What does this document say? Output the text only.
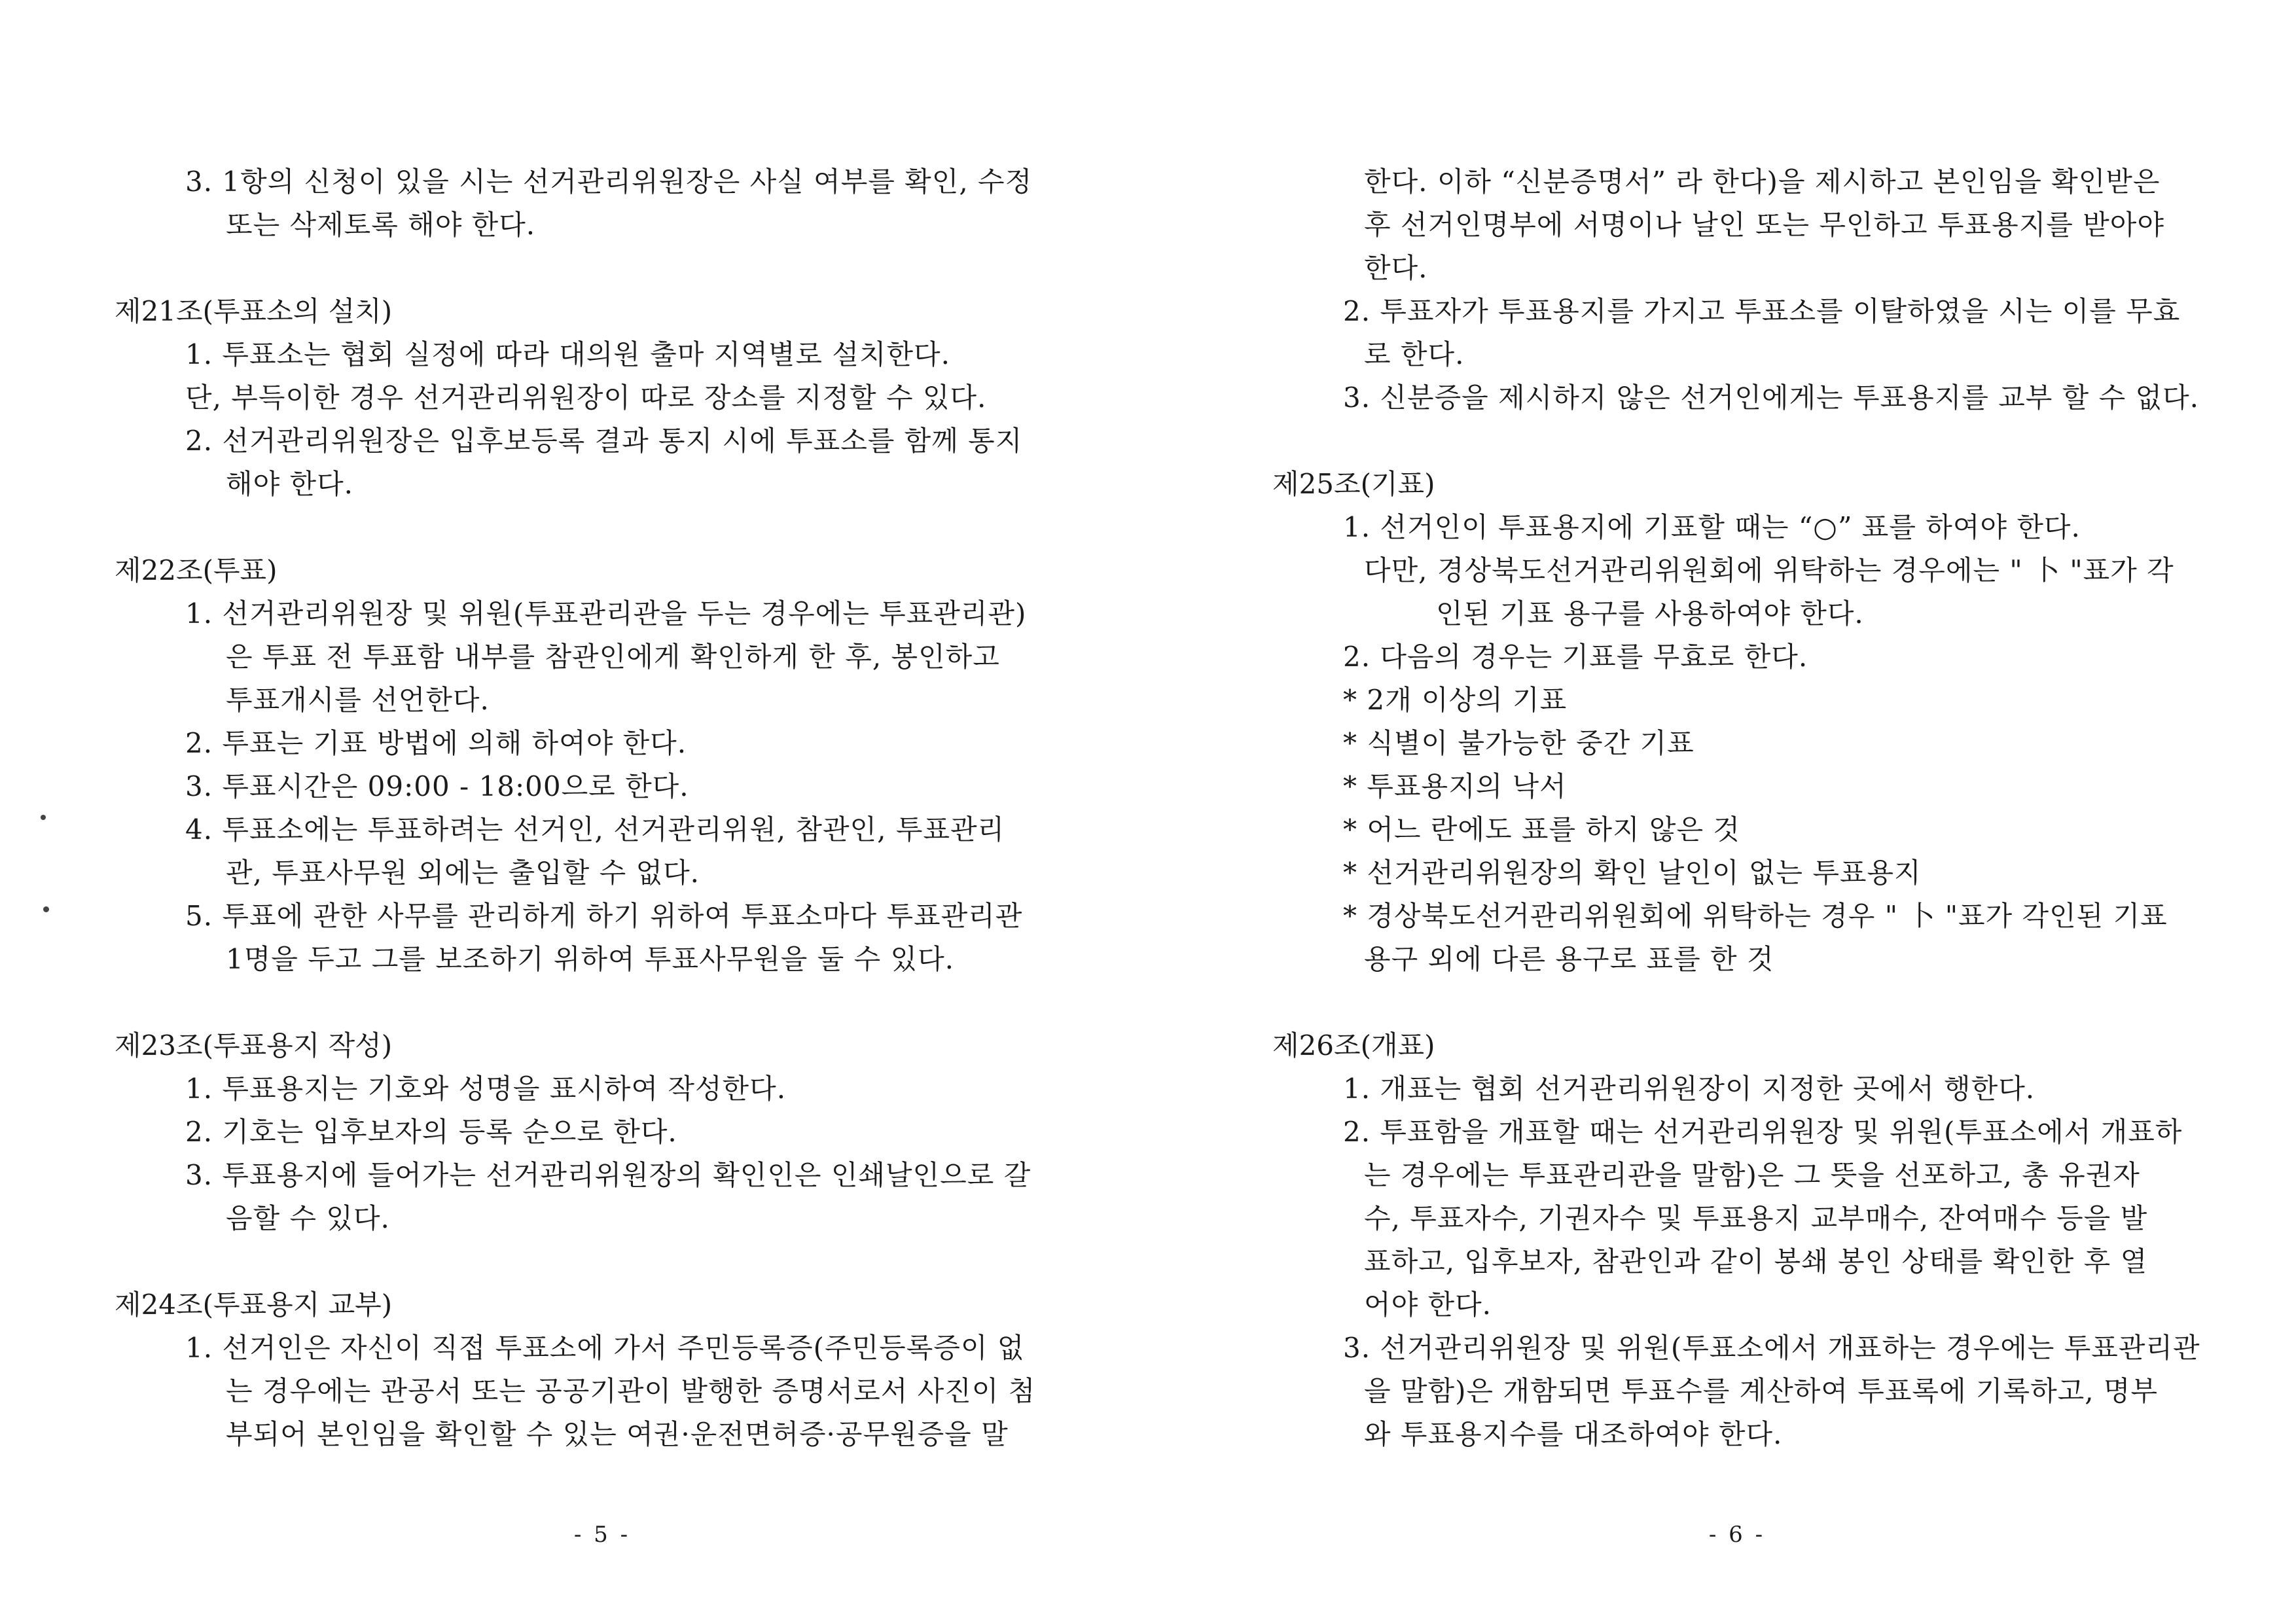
3. 1항의 신청이 있을 시는 선거관리위원장은 사실 여부를 확인, 수정
또는 삭제토록 해야 한다.
제21조(투표소의 설치)
1. 투표소는 협회 실정에 따라 대의원 출마 지역별로 설치한다.
단, 부득이한 경우 선거관리위원장이 따로 장소를 지정할 수 있다.
2. 선거관리위원장은 입후보등록 결과 통지 시에 투표소를 함께 통지
해야 한다.
제22조(투표)
1. 선거관리위원장 및 위원(투표관리관을 두는 경우에는 투표관리관)
은 투표 전 투표함 내부를 참관인에게 확인하게 한 후, 봉인하고
투표개시를 선언한다.
2. 투표는 기표 방법에 의해 하여야 한다.
3. 투표시간은 09:00 - 18:00으로 한다.
4. 투표소에는 투표하려는 선거인, 선거관리위원, 참관인, 투표관리
관, 투표사무원 외에는 출입할 수 없다.
5. 투표에 관한 사무를 관리하게 하기 위하여 투표소마다 투표관리관
1명을 두고 그를 보조하기 위하여 투표사무원을 둘 수 있다.
제23조(투표용지 작성)
1. 투표용지는 기호와 성명을 표시하여 작성한다.
2. 기호는 입후보자의 등록 순으로 한다.
3. 투표용지에 들어가는 선거관리위원장의 확인인은 인쇄날인으로 갈
음할 수 있다.
제24조(투표용지 교부)
1. 선거인은 자신이 직접 투표소에 가서 주민등록증(주민등록증이 없
는 경우에는 관공서 또는 공공기관이 발행한 증명서로서 사진이 첨
부되어 본인임을 확인할 수 있는 여권·운전면허증·공무원증을 말
- 5 -
한다. 이하 “신분증명서” 라 한다)을 제시하고 본인임을 확인받은
후 선거인명부에 서명이나 날인 또는 무인하고 투표용지를 받아야
한다.
2. 투표자가 투표용지를 가지고 투표소를 이탈하였을 시는 이를 무효
로 한다.
3. 신분증을 제시하지 않은 선거인에게는 투표용지를 교부 할 수 없다.
제25조(기표)
1. 선거인이 투표용지에 기표할 때는 “○” 표를 하여야 한다.
다만, 경상북도선거관리위원회에 위탁하는 경우에는 " ⼘ "표가 각
인된 기표 용구를 사용하여야 한다.
2. 다음의 경우는 기표를 무효로 한다.
* 2개 이상의 기표
* 식별이 불가능한 중간 기표
* 투표용지의 낙서
* 어느 란에도 표를 하지 않은 것
* 선거관리위원장의 확인 날인이 없는 투표용지
* 경상북도선거관리위원회에 위탁하는 경우 " ⼘ "표가 각인된 기표
용구 외에 다른 용구로 표를 한 것
제26조(개표)
1. 개표는 협회 선거관리위원장이 지정한 곳에서 행한다.
2. 투표함을 개표할 때는 선거관리위원장 및 위원(투표소에서 개표하
는 경우에는 투표관리관을 말함)은 그 뜻을 선포하고, 총 유권자
수, 투표자수, 기권자수 및 투표용지 교부매수, 잔여매수 등을 발
표하고, 입후보자, 참관인과 같이 봉쇄 봉인 상태를 확인한 후 열
어야 한다.
3. 선거관리위원장 및 위원(투표소에서 개표하는 경우에는 투표관리관
을 말함)은 개함되면 투표수를 계산하여 투표록에 기록하고, 명부
와 투표용지수를 대조하여야 한다.
- 6 -
